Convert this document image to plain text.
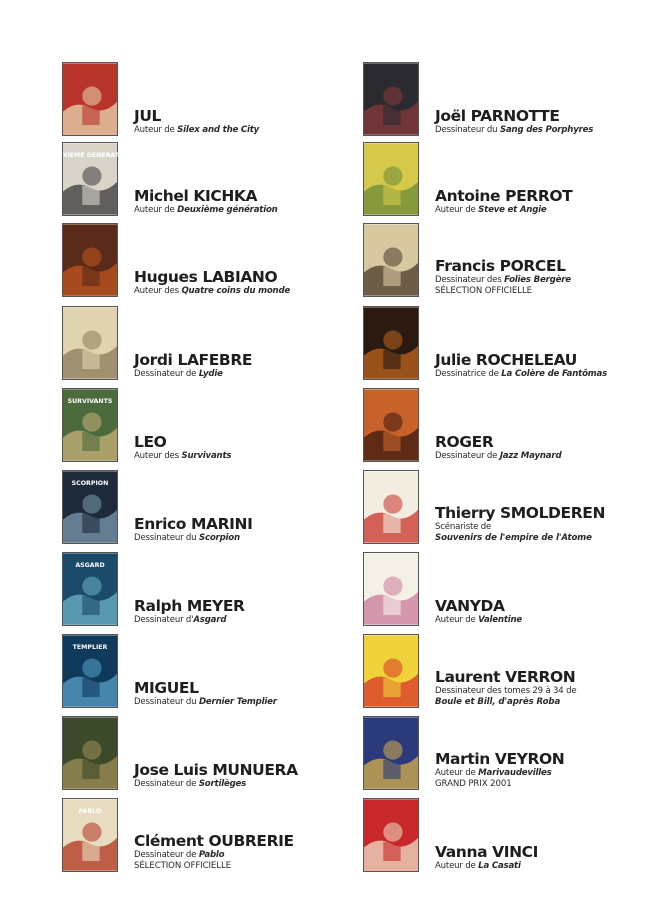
JUL
Auteur de Silex and the City
DEUXIÈME GÉNÉRATION
Michel KICHKA
Auteur de Deuxième génération
Hugues LABIANO
Auteur des Quatre coins du monde
Jordi LAFEBRE
Dessinateur de Lydie
SURVIVANTS
LEO
Auteur des Survivants
SCORPION
Enrico MARINI
Dessinateur du Scorpion
ASGARD
Ralph MEYER
Dessinateur d'Asgard
TEMPLIER
MIGUEL
Dessinateur du Dernier Templier
Jose Luis MUNUERA
Dessinateur de Sortilèges
PABLO
Clément OUBRERIE
Dessinateur de Pablo
SÉLECTION OFFICIELLE
Joël PARNOTTE
Dessinateur du Sang des Porphyres
Antoine PERROT
Auteur de Steve et Angie
Francis PORCEL
Dessinateur des Folies Bergère
SÉLECTION OFFICIELLE
Julie ROCHELEAU
Dessinatrice de La Colère de Fantômas
ROGER
Dessinateur de Jazz Maynard
Thierry SMOLDEREN
Scénariste de
Souvenirs de l'empire de l'Atome
VANYDA
Auteur de Valentine
Laurent VERRON
Dessinateur des tomes 29 à 34 de
Boule et Bill, d'après Roba
Martin VEYRON
Auteur de Marivaudevilles
GRAND PRIX 2001
Vanna VINCI
Auteur de La Casati
